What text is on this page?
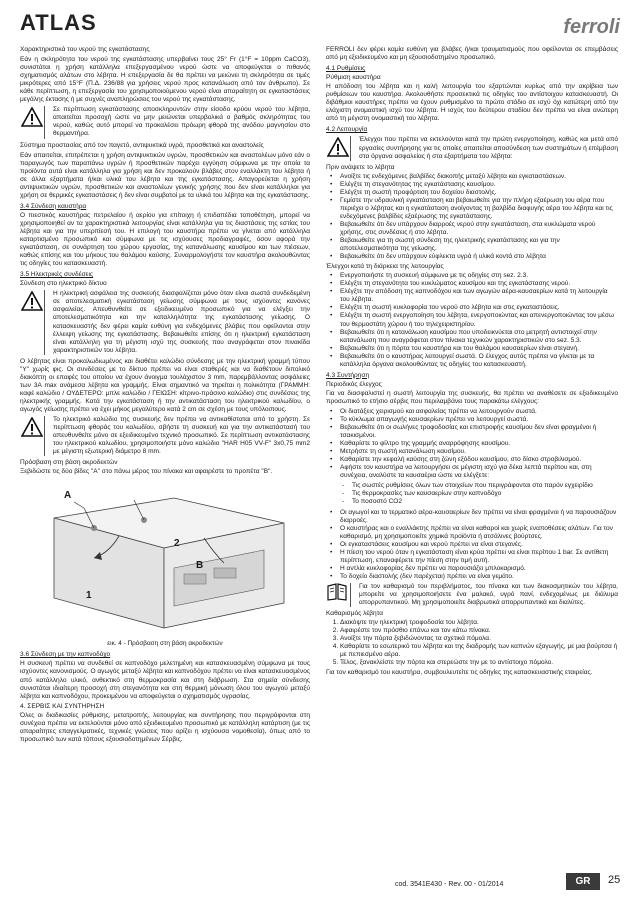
ATLAS	ferroli

Χαρακτηριστικά του νερού της εγκατάστασης

Εάν η σκληρότητα του νερού της εγκατάστασης υπερβαίνει τους 25° Fr (1°F = 10ppm CaCO3), συνιστάται η χρήση κατάλληλα επεξεργασμένου νερού ώστε να αποφεύγεται ο πιθανός σχηματισμός αλάτων στο λέβητα. Η επεξεργασία δε θα πρέπει να μειώνει τη σκληρότητα σε τιμές μικρότερες από 15°F (Π.Δ. 236/88 για χρήσεις νερού προς κατανάλωση από τον άνθρωπο). Σε κάθε περίπτωση, η επεξεργασία του χρησιμοποιούμενου νερού είναι απαραίτητη σε εγκαταστάσεις μεγάλης έκτασης ή με συχνές αναπληρώσεις του νερού της εγκατάστασης.

Σε περίπτωση εγκατάστασης αποσκληρυντών στην είσοδο κρύου νερού του λέβητα, απαιτείται προσοχή ώστε να μην μειώνεται υπερβολικά ο βαθμός σκληρότητας του νερού, καθώς αυτό μπορεί να προκαλέσει πρόωρη φθορά της ανόδου μαγνησίου στο θερμαντήρα.

Σύστημα προστασίας από τον παγετό, αντιψυκτικά υγρά, προσθετικά και αναστολείς

Εάν απαιτείται, επιτρέπεται η χρήση αντιψυκτικών υγρών, προσθετικών και αναστολέων μόνο εάν ο παραγωγός των παραπάνω υγρών ή προσθετικών παρέχει εγγύηση σύμφωνα με την οποία τα προϊόντα αυτά είναι κατάλληλα για χρήση και δεν προκαλούν βλάβες στον εναλλάκτη του λέβητα ή σε άλλα εξαρτήματα ή/και υλικά του λέβητα και της εγκατάστασης. Απαγορεύεται η χρήση αντιψυκτικών υγρών, προσθετικών και αναστολέων γενικής χρήσης που δεν είναι κατάλληλοι για χρήση σε θερμικές εγκαταστάσεις ή δεν είναι συμβατοί με τα υλικά του λέβητα και της εγκατάστασης.

3.4 Σύνδεση καυστήρα

Ο πιεστικός καυστήρας πετρελαίου ή αερίου για επίτοιχη ή επιδαπέδια τοποθέτηση, μπορεί να χρησιμοποιηθεί αν τα χαρακτηριστικά λειτουργίας είναι κατάλληλα για τις διαστάσεις της εστίας του λέβητα και για την υπερπίεσή του. Η επιλογή του καυστήρα πρέπει να γίνεται από κατάλληλα καταρτισμένο προσωπικό και σύμφωνα με τις ισχύουσες προδιαγραφές, όσον αφορά την εγκατάσταση, σε συνάρτηση του χώρου εργασίας, της κατανάλωσης καυσίμου και των πιέσεων, καθώς επίσης και του μήκους του θαλάμου καύσης. Συναρμολογήστε τον καυστήρα ακολουθώντας τις οδηγίες του κατασκευαστή.

3.5 Ηλεκτρικές συνδέσεις
Σύνδεση στο ηλεκτρικό δίκτυο
Η ηλεκτρική ασφάλεια της συσκευής διασφαλίζεται μόνο όταν είναι σωστά συνδεδεμένη σε αποτελεσματική εγκατάσταση γείωσης σύμφωνα με τους ισχύοντες κανόνες ασφαλείας. Απευθυνθείτε σε εξειδικευμένο προσωπικό για να ελέγξει την αποτελεσματικότητα και την καταλληλότητα της εγκατάστασης γείωσης. Ο κατασκευαστής δεν φέρει καμία ευθύνη για ενδεχόμενες βλάβες που οφείλονται στην έλλειψη γείωσης της εγκατάστασης. Βεβαιωθείτε επίσης ότι η ηλεκτρική εγκατάσταση είναι κατάλληλη για τη μέγιστη ισχύ της συσκευής που αναγράφεται στον πινακίδα χαρακτηριστικών του λέβητα.

Ο λέβητας είναι προκαλωδιωμένος και διαθέτει καλώδιο σύνδεσης με την ηλεκτρική γραμμή τύπου "Y" χωρίς φις. Οι συνδέσεις με το δίκτυο πρέπει να είναι σταθερές και να διαθέτουν διπολικό διακόπτη οι επαφές του οποίου να έχουν άνοιγμα τουλάχιστον 3 mm, παρεμβάλλοντας ασφάλειες των 3A max ανάμεσα λέβητα και γραμμής. Είναι σημαντικό να τηρείται η πολικότητα (ΓΡΑΜΜΗ: καφέ καλώδιο / ΟΥΔΕΤΕΡΟ: μπλε καλώδιο / ΓΕΙΩΣΗ: κίτρινο-πράσινο καλώδιο) στις συνδέσεις της ηλεκτρικής γραμμής. Κατά την εγκατάσταση ή την αντικατάσταση του ηλεκτρικού καλωδίου, ο αγωγός γείωσης πρέπει να έχει μήκος μεγαλύτερο κατά 2 cm σε σχέση με τους υπόλοιπους.

Το ηλεκτρικό καλώδιο της συσκευής δεν πρέπει να αντικαθίσταται από το χρήστη. Σε περίπτωση φθοράς του καλωδίου, σβήστε τη συσκευή και για την αντικατάστασή του απευθυνθείτε μόνο σε εξειδικευμένο τεχνικό προσωπικό. Σε περίπτωση αντικατάστασης του ηλεκτρικού καλωδίου, χρησιμοποιήστε μόνο καλώδιο "HAR H05 VV-F" 3x0,75 mm2 με μέγιστη εξωτερική διάμετρο 8 mm.
Πρόσβαση στη βάση ακροδεκτών

Ξεβιδώστε τις δύο βίδες "A" στο πάνω μέρος του πίνακα και αφαιρέστε το προπέτα "B".

A
2
B
1
εικ. 4 - Πρόσβαση στη βάση ακροδεκτών
3.6 Σύνδεση με την καπνοδόχο

Η συσκευή πρέπει να συνδεθεί σε καπνοδόχο μελετημένη και κατασκευασμένη σύμφωνα με τους ισχύοντες κανονισμούς. Ο αγωγός μεταξύ λέβητα και καπνοδόχου πρέπει να είναι κατασκευασμένος από κατάλληλο υλικό, ανθεκτικό στη θερμοκρασία και στη διάβρωση. Στα σημεία σύνδεσης συνιστάται ιδιαίτερη προσοχή στη στεγανότητα και στη θερμική μόνωση όλου του αγωγού μεταξύ λέβητα και καπνοδόχου, προκειμένου να αποφεύγεται ο σχηματισμός υγρασίας.

4. ΣΕΡΒΙΣ ΚΑΙ ΣΥΝΤΗΡΗΣΗ

Όλες οι διαδικασίες ρύθμισης, μετατροπής, λειτουργίας και συντήρησης που περιγράφονται στη συνέχεια πρέπει να εκτελούνται μόνο από εξειδικευμένο προσωπικό με κατάλληλη κατάρτιση (με τις απαραίτητες επαγγελματικές, τεχνικές γνώσεις που ορίζει η ισχύουσα νομοθεσία), όπως από το προσωπικό των κατά τόπους εξουσιοδοτημένων Σέρβις.

FERROLI δεν φέρει καμία ευθύνη για βλάβες ή/και τραυματισμούς που οφείλονται σε επεμβάσεις από μη εξειδικευμένο και μη εξουσιοδοτημένο προσωπικό.

4.1 Ρυθμίσεις
Ρύθμιση καυστήρα

Η απόδοση του λέβητα και η καλή λειτουργία του εξαρτώνται κυρίως από την ακρίβεια των ρυθμίσεων του καυστήρα. Ακολουθήστε προσεκτικά τις οδηγίες του αντίστοιχου κατασκευαστή. Οι διβάθμιοι καυστήρες πρέπει να έχουν ρυθμισμένο το πρώτο στάδιο σε ισχύ όχι κατώτερη από την ελάχιστη ονομαστική ισχύ του λέβητα. Η ισχύς του δεύτερου σταδίου δεν πρέπει να είναι ανώτερη από τη μέγιστη ονομαστική του λέβητα.

4.2 Λειτουργία
Έλεγχοι που πρέπει να εκτελούνται κατά την πρώτη ενεργοποίηση, καθώς και μετά από εργασίες συντήρησης για τις οποίες απαιτείται αποσύνδεση των συστημάτων ή επέμβαση στα όργανα ασφαλείας ή στα εξαρτήματα του λέβητα:
Πριν ανάψετε το λέβητα
• Ανοίξτε τις ενδεχόμενες βαλβίδες διακοπής μεταξύ λέβητα και εγκαταστάσεων.
• Ελέγξτε τη στεγανότητας της εγκατάστασης καυσίμου.
• Ελέγξτε τη σωστή προφόρτιση του δοχείου διαστολής.
• Γεμίστε την υδραυλική εγκατάσταση και βεβαιωθείτε για την πλήρη εξαέρωση του αέρα που περιέχει ο λέβητας και η εγκατάσταση ανοίγοντας τη βαλβίδα διαφυγής αέρα του λέβητα και τις ενδεχόμενες βαλβίδες εξαέρωσης της εγκατάστασης.
• Βεβαιωθείτε ότι δεν υπάρχουν διαρροές νερού στην εγκατάσταση, στα κυκλώματα νερού χρήσης, στις συνδέσεις ή στο λέβητα.
• Βεβαιωθείτε για τη σωστή σύνδεση της ηλεκτρικής εγκατάστασης και για την αποτελεσματικότητα της γείωσης.
• Βεβαιωθείτε ότι δεν υπάρχουν εύφλεκτα υγρά ή υλικά κοντά στο λέβητα
Έλεγχοι κατά τη διάρκεια της λειτουργίας
• Ενεργοποιήστε τη συσκευή σύμφωνα με τις οδηγίες στη sez. 2.3.
• Ελέγξτε τη στεγανότητα του κυκλώματος καυσίμου και της εγκατάστασης νερού.
• Ελέγξτε την απόδοση της καπνοδόχου και των αγωγών αέρα-καυσαερίων κατά τη λειτουργία του λέβητα.
• Ελέγξτε τη σωστή κυκλοφορία του νερού στο λέβητα και στις εγκαταστάσεις.
• Ελέγξτε τη σωστή ενεργοποίηση του λέβητα, ενεργοποιώντας και απενεργοποιώντας τον μέσω του θερμοστάτη χώρου ή του τηλεχειριστηρίου.
• Βεβαιωθείτε ότι η κατανάλωση καυσίμου που υποδεικνύεται στο μετρητή αντιστοιχεί στην κατανάλωση που αναγράφεται στον πίνακα τεχνικών χαρακτηριστικών στο sez. 5.3.
• Βεβαιωθείτε ότι η πόρτα του καυστήρα και του θαλάμου καυσαερίων είναι στεγανή.
• Βεβαιωθείτε ότι ο καυστήρας λειτουργεί σωστά. Ο έλεγχος αυτός πρέπει να γίνεται με τα κατάλληλα όργανα ακολουθώντας τις οδηγίες του κατασκευαστή.
4.3 Συντήρηση
Περιοδικός έλεγχος

Για να διασφαλιστεί η σωστή λειτουργία της συσκευής, θα πρέπει να αναθέσετε σε εξειδικευμένο προσωπικό το ετήσιο σέρβις που περιλαμβάνει τους παρακάτω ελέγχους:

• Οι διατάξεις χειρισμού και ασφαλείας πρέπει να λειτουργούν σωστά.
• Το κύκλωμα απαγωγής καυσαερίων πρέπει να λειτουργεί σωστά.
• Βεβαιωθείτε ότι οι σωλήνες τροφοδοσίας και επιστροφής καυσίμου δεν είναι φραγμένοι ή τσακισμένοι.
• Καθαρίστε το φίλτρο της γραμμής αναρρόφησης καυσίμου.
• Μετρήστε τη σωστή κατανάλωση καυσίμου.
• Καθαρίστε την κεφαλή καύσης στη ζώνη εξόδου καυσίμου, στο δίσκο στροβιλισμού.
• Αφήστε τον καυστήρα να λειτουργήσει σε μέγιστη ισχύ για δέκα λεπτά περίπου και, στη συνέχεια, αναλύστε τα καυσαέρια ώστε να ελέγξετε:
- Τις σωστές ρυθμίσεις όλων των στοιχείων που περιγράφονται στο παρόν εγχειρίδιο
- Τις θερμοκρασίες των καυσαερίων στην καπνοδόχο
- Το ποσοστό CO2
• Οι αγωγοί και το τερματικό αέρα-καυσαερίων δεν πρέπει να είναι φραγμένοι ή να παρουσιάζουν διαρροές.
• Ο καυστήρας και ο εναλλάκτης πρέπει να είναι καθαροί και χωρίς εναποθέσεις αλάτων. Για τον καθαρισμό, μη χρησιμοποιείτε χημικά προϊόντα ή ατσάλινες βούρτσες.
• Οι εγκαταστάσεις καυσίμου και νερού πρέπει να είναι στεγανές.
• Η πίεση του νερού όταν η εγκατάσταση είναι κρύα πρέπει να είναι περίπου 1 bar. Σε αντίθετη περίπτωση, επαναφέρετε την πίεση στην τιμή αυτή.
• Η αντλία κυκλοφορίας δεν πρέπει να παρουσιάζει μπλοκαρισμό.
• Το δοχείο διαστολής (δεν παρέχεται) πρέπει να είναι γεμάτο.
Για τον καθαρισμό του περιβλήματος, του πίνακα και των διακοσμητικών του λέβητα, μπορείτε να χρησιμοποιήσετε ένα μαλακό, υγρό πανί, ενδεχομένως με διάλυμα απορρυπαντικού. Μη χρησιμοποιείτε διαβρωτικά απορρυπαντικά και διαλύτες.
Καθαρισμός λέβητα
1. Διακόψτε την ηλεκτρική τροφοδοσία του λέβητα.
2. Αφαιρέστε τον πρόσθιο επάνω και τον κάτω πίνακα.
3. Ανοίξτε την πόρτα ξεβιδώνοντας τα σχετικά πόμολα.
4. Καθαρίστε το εσωτερικό του λέβητα και της διαδρομής των καπνών εξαγωγής, με μια βούρτσα ή με πεπιεσμένο αέρα.
5. Τέλος, ξανακλείστε την πόρτα και στερεώστε την με το αντίστοιχο πόμολο.

Για τον καθαρισμό του καυστήρα, συμβουλευτείτε τις οδηγίες της κατασκευαστικής εταιρείας.

cod. 3541E430 - Rev. 00 - 01/2014	GR	25
